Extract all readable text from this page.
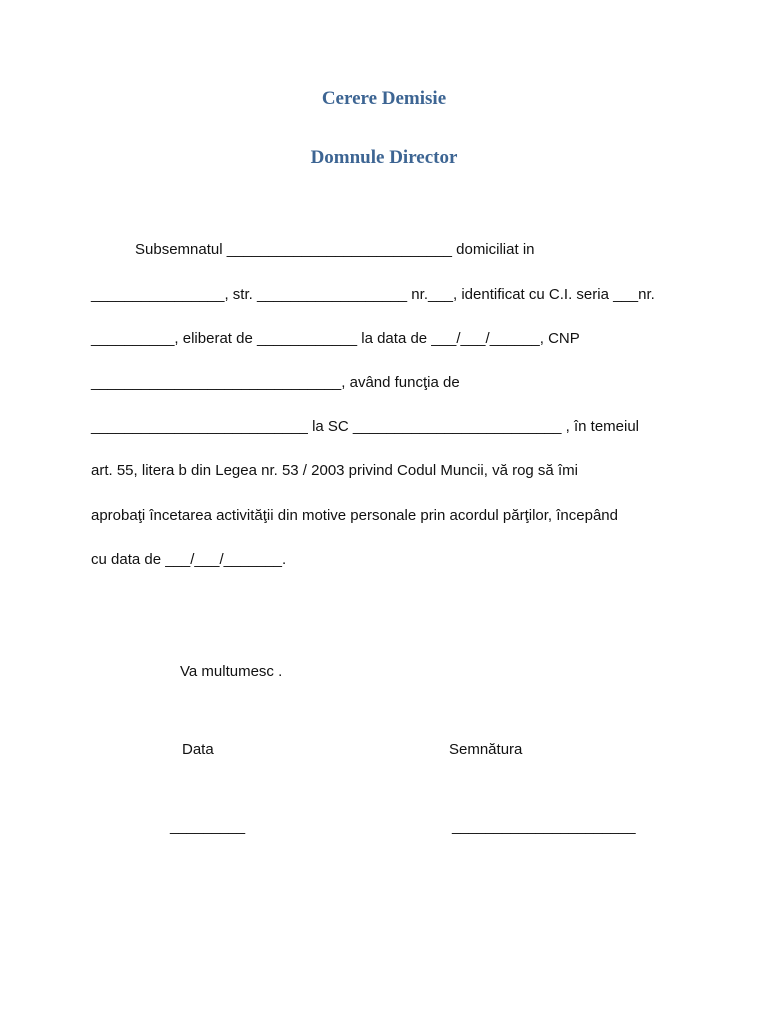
Cerere Demisie
Domnule Director
Subsemnatul ___________________________ domiciliat in
________________, str. __________________ nr.___, identificat cu C.I. seria ___nr.
__________, eliberat de ____________ la data de ___/___/______, CNP
______________________________, având funcţia de
__________________________ la SC _________________________ , în temeiul
art. 55, litera b din Legea nr. 53 / 2003 privind Codul Muncii, vă rog să îmi
aprobaţi încetarea activităţii din motive personale prin acordul părţilor, începând
cu data de ___/___/_______.
Va multumesc .
Data	Semnătura
_________	______________________
